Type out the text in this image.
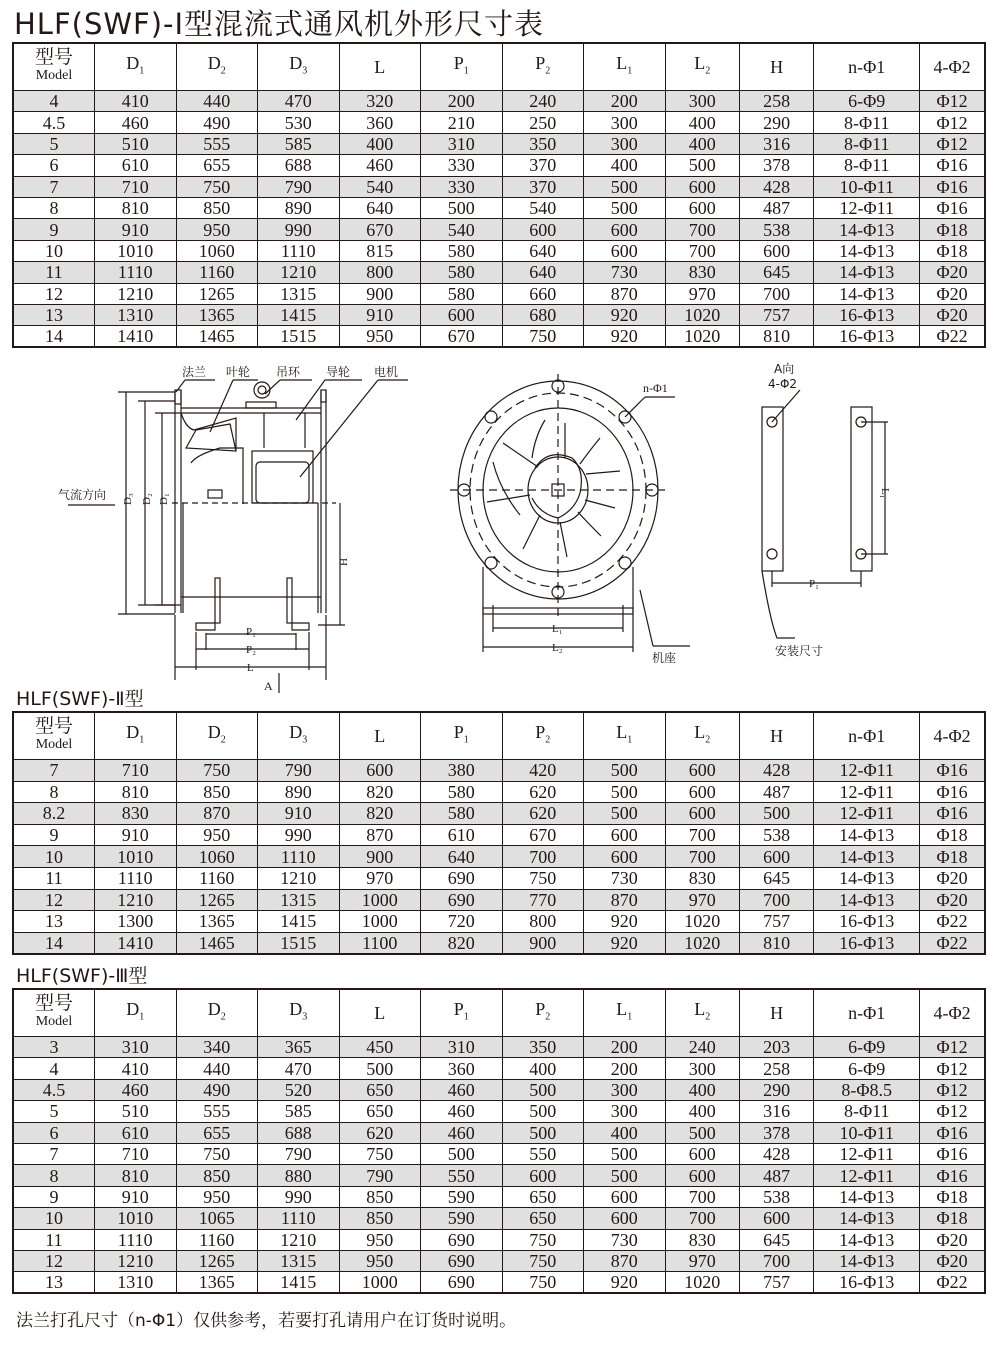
HLF(SWF)-Ⅰ型混流式通风机外形尺寸表
型号
Model	$D_1$	$D_2$	$D_3$	L	$P_1$	$P_2$	$L_1$	$L_2$	H	n-Φ1	4-Φ2
4	410	440	470	320	200	240	200	300	258	6-Φ9	Φ12
4.5	460	490	530	360	210	250	300	400	290	8-Φ11	Φ12
5	510	555	585	400	310	350	300	400	316	8-Φ11	Φ12
6	610	655	688	460	330	370	400	500	378	8-Φ11	Φ16
7	710	750	790	540	330	370	500	600	428	10-Φ11	Φ16
8	810	850	890	640	500	540	500	600	487	12-Φ11	Φ16
9	910	950	990	670	540	600	600	700	538	14-Φ13	Φ18
10	1010	1060	1110	815	580	640	600	700	600	14-Φ13	Φ18
11	1110	1160	1210	800	580	640	730	830	645	14-Φ13	Φ20
12	1210	1265	1315	900	580	660	870	970	700	14-Φ13	Φ20
13	1310	1365	1415	910	600	680	920	1020	757	16-Φ13	Φ20
14	1410	1465	1515	950	670	750	920	1020	810	16-Φ13	Φ22
法兰 叶轮 吊环 导轮 电机
气流方向 D₃ D₂ D₁
H
P₁
P₂
L
A
n-Φ1
L₁
L₂
机座
A向
4-Φ2
L₁
P₁
安装尺寸
HLF(SWF)-Ⅱ型
型号
Model	$D_1$	$D_2$	$D_3$	L	$P_1$	$P_2$	$L_1$	$L_2$	H	n-Φ1	4-Φ2
7	710	750	790	600	380	420	500	600	428	12-Φ11	Φ16
8	810	850	890	820	580	620	500	600	487	12-Φ11	Φ16
8.2	830	870	910	820	580	620	500	600	500	12-Φ11	Φ16
9	910	950	990	870	610	670	600	700	538	14-Φ13	Φ18
10	1010	1060	1110	900	640	700	600	700	600	14-Φ13	Φ18
11	1110	1160	1210	970	690	750	730	830	645	14-Φ13	Φ20
12	1210	1265	1315	1000	690	770	870	970	700	14-Φ13	Φ20
13	1300	1365	1415	1000	720	800	920	1020	757	16-Φ13	Φ22
14	1410	1465	1515	1100	820	900	920	1020	810	16-Φ13	Φ22
HLF(SWF)-Ⅲ型
型号
Model	$D_1$	$D_2$	$D_3$	L	$P_1$	$P_2$	$L_1$	$L_2$	H	n-Φ1	4-Φ2
3	310	340	365	450	310	350	200	240	203	6-Φ9	Φ12
4	410	440	470	500	360	400	200	300	258	6-Φ9	Φ12
4.5	460	490	520	650	460	500	300	400	290	8-Φ8.5	Φ12
5	510	555	585	650	460	500	300	400	316	8-Φ11	Φ12
6	610	655	688	620	460	500	400	500	378	10-Φ11	Φ16
7	710	750	790	750	500	550	500	600	428	12-Φ11	Φ16
8	810	850	880	790	550	600	500	600	487	12-Φ11	Φ16
9	910	950	990	850	590	650	600	700	538	14-Φ13	Φ18
10	1010	1065	1110	850	590	650	600	700	600	14-Φ13	Φ18
11	1110	1160	1210	950	690	750	730	830	645	14-Φ13	Φ20
12	1210	1265	1315	950	690	750	870	970	700	14-Φ13	Φ20
13	1310	1365	1415	1000	690	750	920	1020	757	16-Φ13	Φ22
法兰打孔尺寸（n-Φ1）仅供参考，若要打孔请用户在订货时说明。
